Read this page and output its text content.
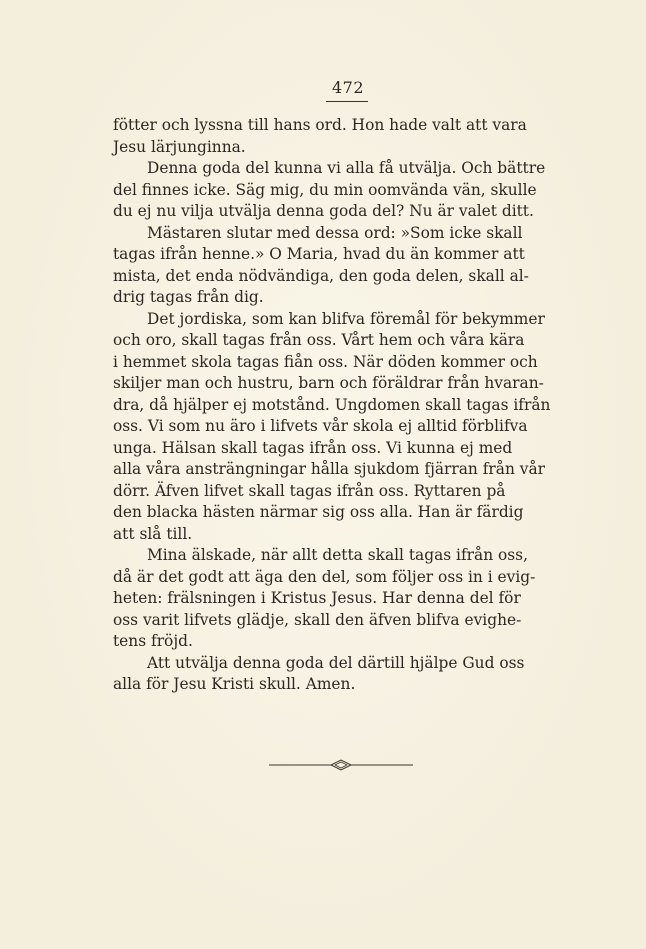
472
fötter och lyssna till hans ord. Hon hade valt att vara
Jesu lärjunginna.
Denna goda del kunna vi alla få utvälja. Och bättre
del finnes icke. Säg mig, du min oomvända vän, skulle
du ej nu vilja utvälja denna goda del? Nu är valet ditt.
Mästaren slutar med dessa ord: »Som icke skall
tagas ifrån henne.» O Maria, hvad du än kommer att
mista, det enda nödvändiga, den goda delen, skall al-
drig tagas från dig.
Det jordiska, som kan blifva föremål för bekymmer
och oro, skall tagas från oss. Vårt hem och våra kära
i hemmet skola tagas fiån oss. När döden kommer och
skiljer man och hustru, barn och föräldrar från hvaran-
dra, då hjälper ej motstånd. Ungdomen skall tagas ifrån
oss. Vi som nu äro i lifvets vår skola ej alltid förblifva
unga. Hälsan skall tagas ifrån oss. Vi kunna ej med
alla våra ansträngningar hålla sjukdom fjärran från vår
dörr. Äfven lifvet skall tagas ifrån oss. Ryttaren på
den blacka hästen närmar sig oss alla. Han är färdig
att slå till.
Mina älskade, när allt detta skall tagas ifrån oss,
då är det godt att äga den del, som följer oss in i evig-
heten: frälsningen i Kristus Jesus. Har denna del för
oss varit lifvets glädje, skall den äfven blifva evighe-
tens fröjd.
Att utvälja denna goda del därtill hjälpe Gud oss
alla för Jesu Kristi skull. Amen.
